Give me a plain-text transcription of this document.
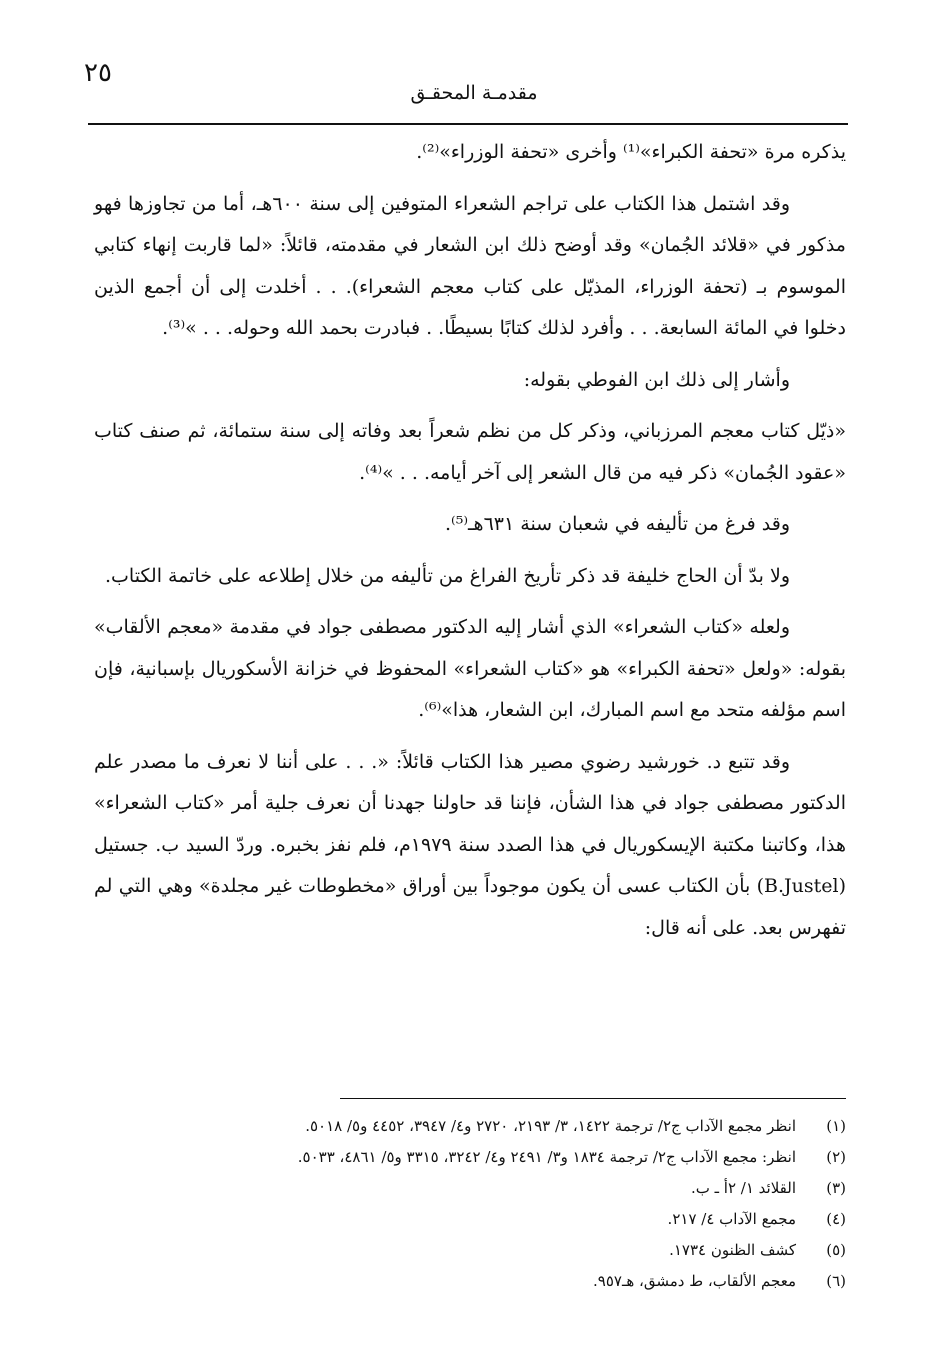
٢٥
مقدمـة المحقـق

يذكره مرة «تحفة الكبراء»⁽¹⁾ وأخرى «تحفة الوزراء»⁽²⁾.

وقد اشتمل هذا الكتاب على تراجم الشعراء المتوفين إلى سنة ٦٠٠هـ، أما من تجاوزها فهو مذكور في «قلائد الجُمان» وقد أوضح ذلك ابن الشعار في مقدمته، قائلاً: «لما قاربت إنهاء كتابي الموسوم بـ (تحفة الوزراء، المذيّل على كتاب معجم الشعراء). . . أخلدت إلى أن أجمع الذين دخلوا في المائة السابعة. . . وأفرد لذلك كتابًا بسيطًا. . فبادرت بحمد الله وحوله. . . »⁽³⁾.

وأشار إلى ذلك ابن الفوطي بقوله:

«ذيّل كتاب معجم المرزباني، وذكر كل من نظم شعراً بعد وفاته إلى سنة ستمائة، ثم صنف كتاب «عقود الجُمان» ذكر فيه من قال الشعر إلى آخر أيامه. . . »⁽⁴⁾.

وقد فرغ من تأليفه في شعبان سنة ٦٣١هـ⁽⁵⁾.

ولا بدّ أن الحاج خليفة قد ذكر تأريخ الفراغ من تأليفه من خلال إطلاعه على خاتمة الكتاب.

ولعله «كتاب الشعراء» الذي أشار إليه الدكتور مصطفى جواد في مقدمة «معجم الألقاب» بقوله: «ولعل «تحفة الكبراء» هو «كتاب الشعراء» المحفوظ في خزانة الأسكوريال بإسبانية، فإن اسم مؤلفه متحد مع اسم المبارك، ابن الشعار، هذا»⁽⁶⁾.

وقد تتبع د. خورشيد رضوي مصير هذا الكتاب قائلاً: «. . . على أننا لا نعرف ما مصدر علم الدكتور مصطفى جواد في هذا الشأن، فإننا قد حاولنا جهدنا أن نعرف جلية أمر «كتاب الشعراء» هذا، وكاتبنا مكتبة الإيسكوريال في هذا الصدد سنة ١٩٧٩م، فلم نفز بخبره. وردّ السيد ب. جستيل (B.Justel) بأن الكتاب عسى أن يكون موجوداً بين أوراق «مخطوطات غير مجلدة» وهي التي لم تفهرس بعد. على أنه قال:

(١)
انظر مجمع الآداب ج٢/ ترجمة ١٤٢٢، ٣/ ٢١٩٣، ٢٧٢٠ و٤/ ٣٩٤٧، ٤٤٥٢ و٥/ ٥٠١٨.
(٢)
انظر: مجمع الآداب ج٢/ ترجمة ١٨٣٤ و٣/ ٢٤٩١ و٤/ ٣٢٤٢، ٣٣١٥ و٥/ ٤٨٦١، ٥٠٣٣.
(٣)
القلائد ١/ ٢أ ـ ب.
(٤)
مجمع الآداب ٤/ ٢١٧.
(٥)
كشف الظنون ١٧٣٤.
(٦)
معجم الألقاب، ط دمشق، هـ٩٥٧.
